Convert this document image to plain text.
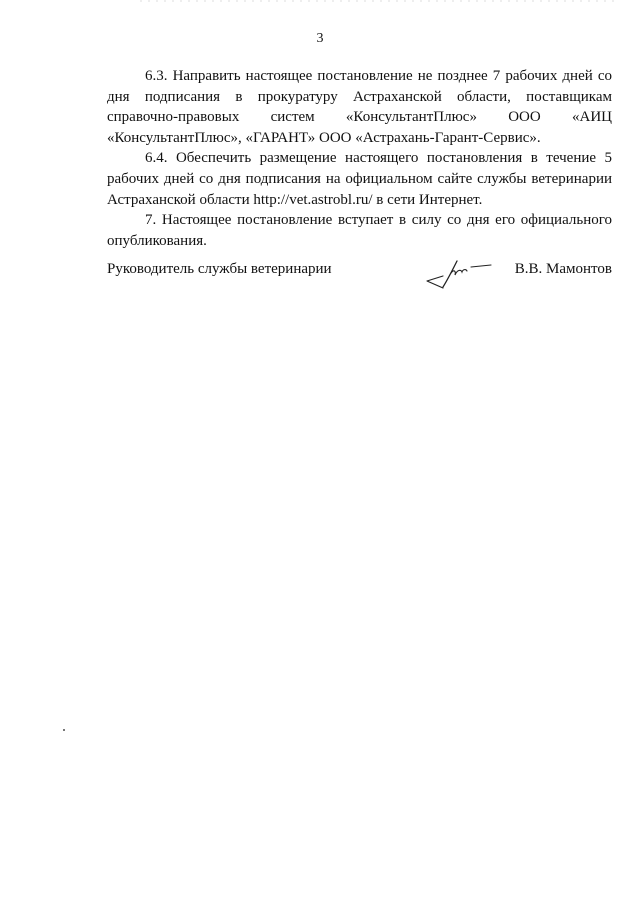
3

6.3. Направить настоящее постановление не позднее 7 рабочих дней со дня подписания в прокуратуру Астраханской области, поставщикам справочно-правовых систем «КонсультантПлюс» ООО «АИЦ «КонсультантПлюс», «ГАРАНТ» ООО «Астрахань-Гарант-Сервис».

6.4. Обеспечить размещение настоящего постановления в течение 5 рабочих дней со дня подписания на официальном сайте службы ветеринарии Астраханской области http://vet.astrobl.ru/ в сети Интернет.

7. Настоящее постановление вступает в силу со дня его официального опубликования.

Руководитель службы ветеринарии	В.В. Мамонтов
